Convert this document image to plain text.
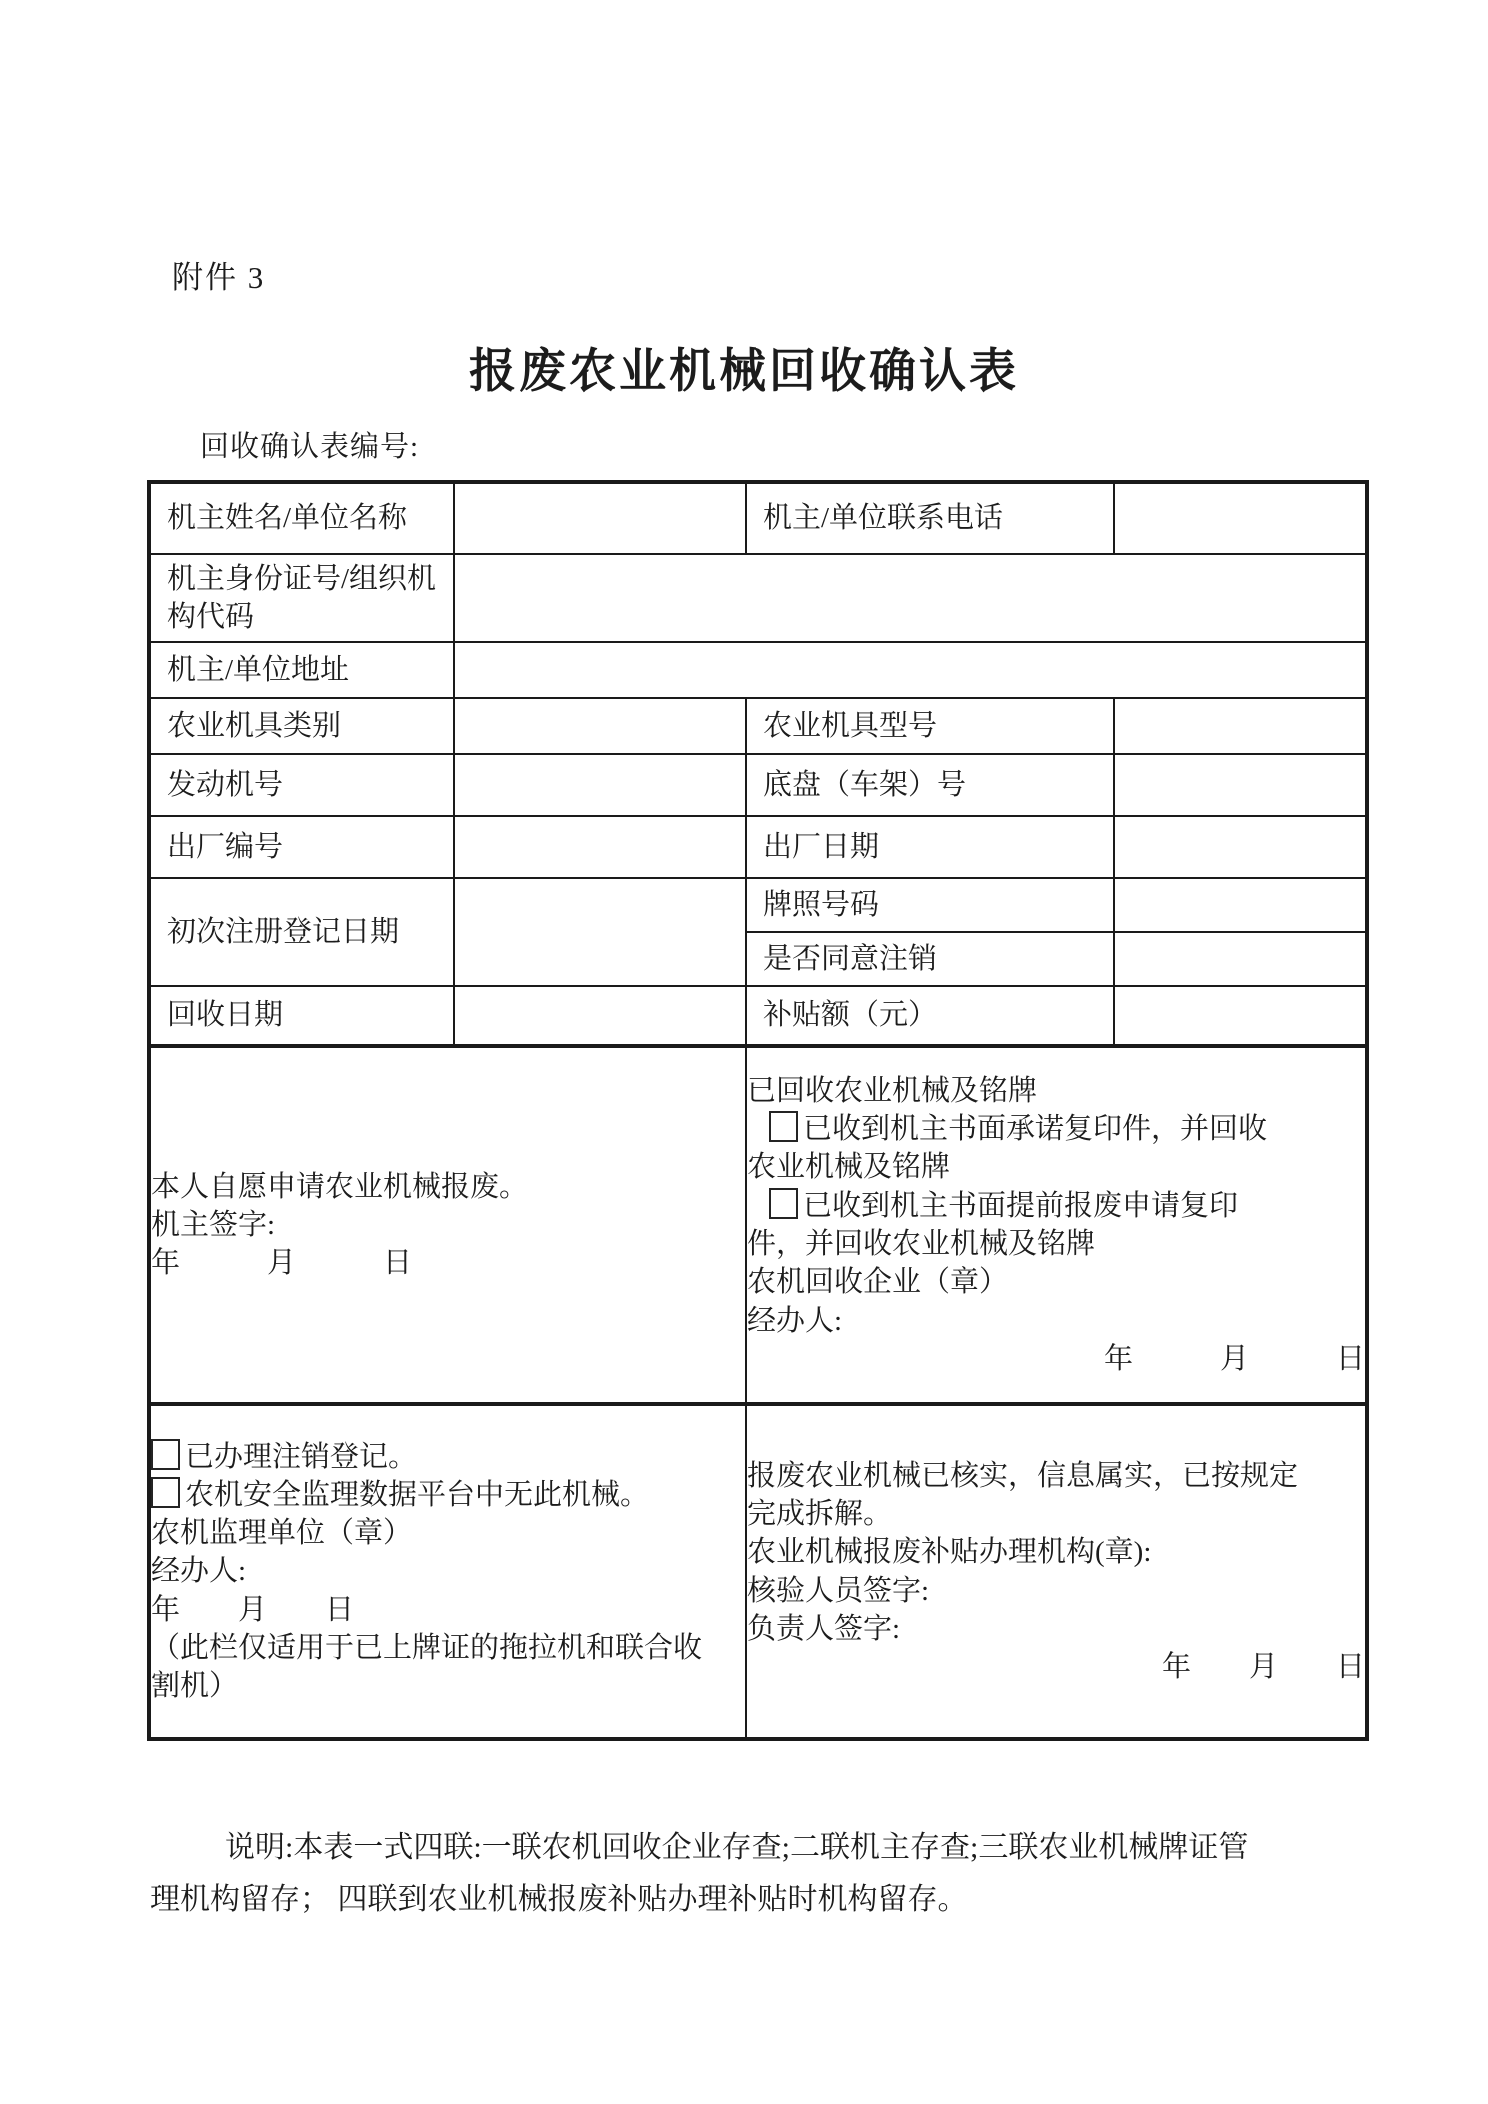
附件 3
报废农业机械回收确认表
回收确认表编号:
机主姓名/单位名称		机主/单位联系电话	
机主身份证号/组织机构代码			
机主/单位地址			
农业机具类别		农业机具型号	
发动机号		底盘（车架）号	
出厂编号		出厂日期	
初次注册登记日期		牌照号码	
		是否同意注销	
回收日期		补贴额（元）	

本人自愿申请农业机械报废。

机主签字:

年　　　月　　　日

已回收农业机械及铭牌

已收到机主书面承诺复印件，并回收农业机械及铭牌

已收到机主书面提前报废申请复印件，并回收农业机械及铭牌

农机回收企业（章）

经办人:

年　　　月　　　日

已办理注销登记。

农机安全监理数据平台中无此机械。

农机监理单位（章）

经办人:

年　　月　　日

（此栏仅适用于已上牌证的拖拉机和联合收割机）

报废农业机械已核实，信息属实，已按规定完成拆解。

农业机械报废补贴办理机构(章):

核验人员签字:

负责人签字:

年　　月　　日

说明:本表一式四联:一联农机回收企业存查;二联机主存查;三联农业机械牌证管理机构留存； 四联到农业机械报废补贴办理补贴时机构留存。
